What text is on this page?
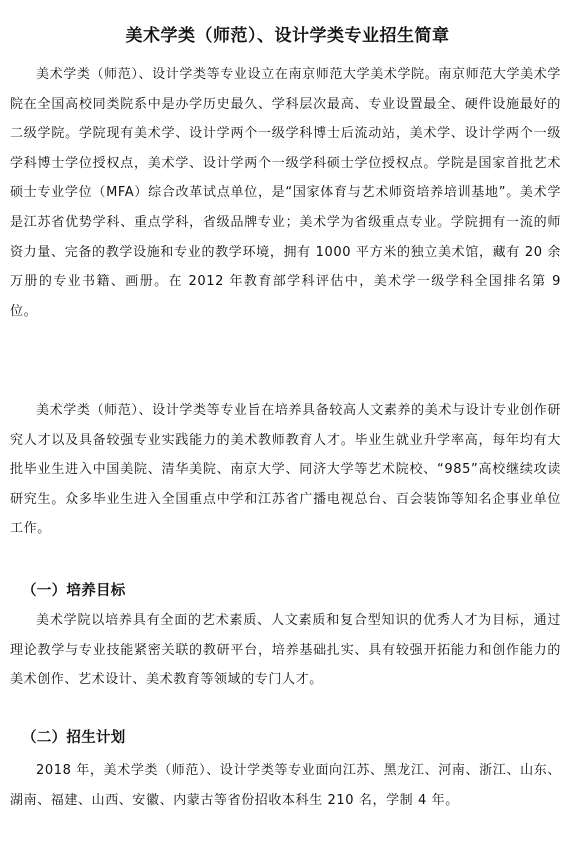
美术学类（师范）、设计学类专业招生简章

美术学类（师范）、设计学类等专业设立在南京师范大学美术学院。南京师范大学美术学院在全国高校同类院系中是办学历史最久、学科层次最高、专业设置最全、硬件设施最好的二级学院。学院现有美术学、设计学两个一级学科博士后流动站，美术学、设计学两个一级学科博士学位授权点，美术学、设计学两个一级学科硕士学位授权点。学院是国家首批艺术硕士专业学位（MFA）综合改革试点单位，是“国家体育与艺术师资培养培训基地”。美术学是江苏省优势学科、重点学科，省级品牌专业；美术学为省级重点专业。学院拥有一流的师资力量、完备的教学设施和专业的教学环境，拥有 1000 平方米的独立美术馆，藏有 20 余万册的专业书籍、画册。在 2012 年教育部学科评估中，美术学一级学科全国排名第 9 位。

美术学类（师范）、设计学类等专业旨在培养具备较高人文素养的美术与设计专业创作研究人才以及具备较强专业实践能力的美术教师教育人才。毕业生就业升学率高，每年均有大批毕业生进入中国美院、清华美院、南京大学、同济大学等艺术院校、“985”高校继续攻读研究生。众多毕业生进入全国重点中学和江苏省广播电视总台、百会装饰等知名企事业单位工作。

（一）培养目标

美术学院以培养具有全面的艺术素质、人文素质和复合型知识的优秀人才为目标，通过理论教学与专业技能紧密关联的教研平台，培养基础扎实、具有较强开拓能力和创作能力的美术创作、艺术设计、美术教育等领域的专门人才。

（二）招生计划

2018 年，美术学类（师范）、设计学类等专业面向江苏、黑龙江、河南、浙江、山东、湖南、福建、山西、安徽、内蒙古等省份招收本科生 210 名，学制 4 年。
